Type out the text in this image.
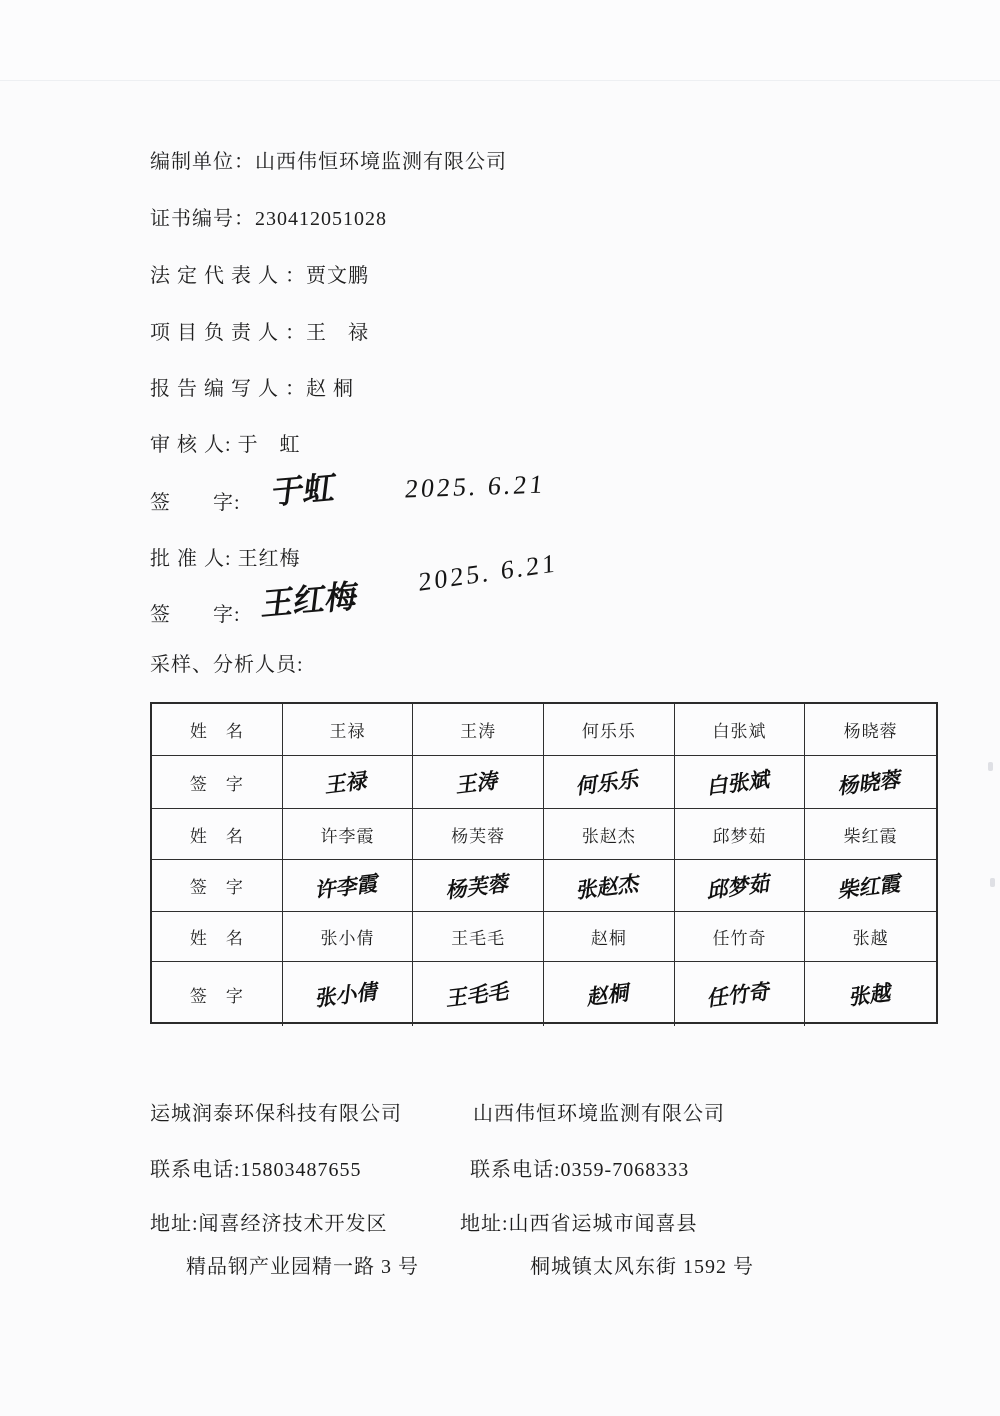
编制单位：山西伟恒环境监测有限公司
证书编号：230412051028
法 定 代 表 人 ：贾文鹏
项 目 负 责 人 ：王　禄
报 告 编 写 人 ：赵 桐
审 核 人: 于　虹
签　　字: 于虹	2025. 6.21
批 准 人: 王红梅
签　　字: 王红梅
2025. 6.21
采样、分析人员:
姓　名	王禄	王涛	何乐乐	白张斌	杨晓蓉
签　字	王禄	王涛	何乐乐	白张斌	杨晓蓉
姓　名	许李霞	杨芙蓉	张赵杰	邱梦茹	柴红霞
签　字	许李霞	杨芙蓉	张赵杰	邱梦茹	柴红霞
姓　名	张小倩	王毛毛	赵桐	任竹奇	张越
签　字	张小倩	王毛毛	赵桐	任竹奇	张越
运城润泰环保科技有限公司	山西伟恒环境监测有限公司
联系电话:15803487655	联系电话:0359-7068333
地址:闻喜经济技术开发区	地址:山西省运城市闻喜县
精品钢产业园精一路 3 号	桐城镇太风东街 1592 号
